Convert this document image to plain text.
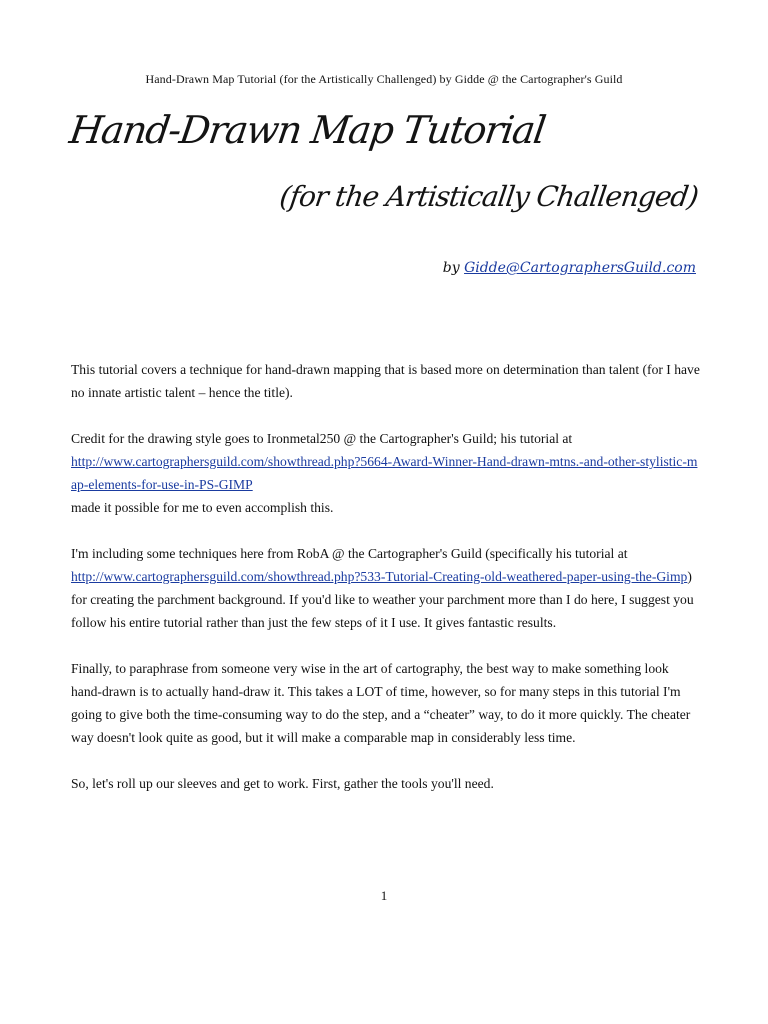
Hand-Drawn Map Tutorial (for the Artistically Challenged) by Gidde @ the Cartographer's Guild
Hand-Drawn Map Tutorial
(for the Artistically Challenged)
by Gidde@CartographersGuild.com

This tutorial covers a technique for hand-drawn mapping that is based more on determination than talent (for I have no innate artistic talent – hence the title).

Credit for the drawing style goes to Ironmetal250 @ the Cartographer's Guild; his tutorial at
http://www.cartographersguild.com/showthread.php?5664-Award-Winner-Hand-drawn-mtns.-and-other-stylistic-map-elements-for-use-in-PS-GIMP
made it possible for me to even accomplish this.

I'm including some techniques here from RobA @ the Cartographer's Guild (specifically his tutorial at
http://www.cartographersguild.com/showthread.php?533-Tutorial-Creating-old-weathered-paper-using-the-Gimp) for creating the parchment background. If you'd like to weather your parchment more than I do here, I suggest you follow his entire tutorial rather than just the few steps of it I use. It gives fantastic results.

Finally, to paraphrase from someone very wise in the art of cartography, the best way to make something look hand-drawn is to actually hand-draw it. This takes a LOT of time, however, so for many steps in this tutorial I'm going to give both the time-consuming way to do the step, and a “cheater” way, to do it more quickly. The cheater way doesn't look quite as good, but it will make a comparable map in considerably less time.

So, let's roll up our sleeves and get to work. First, gather the tools you'll need.

1
